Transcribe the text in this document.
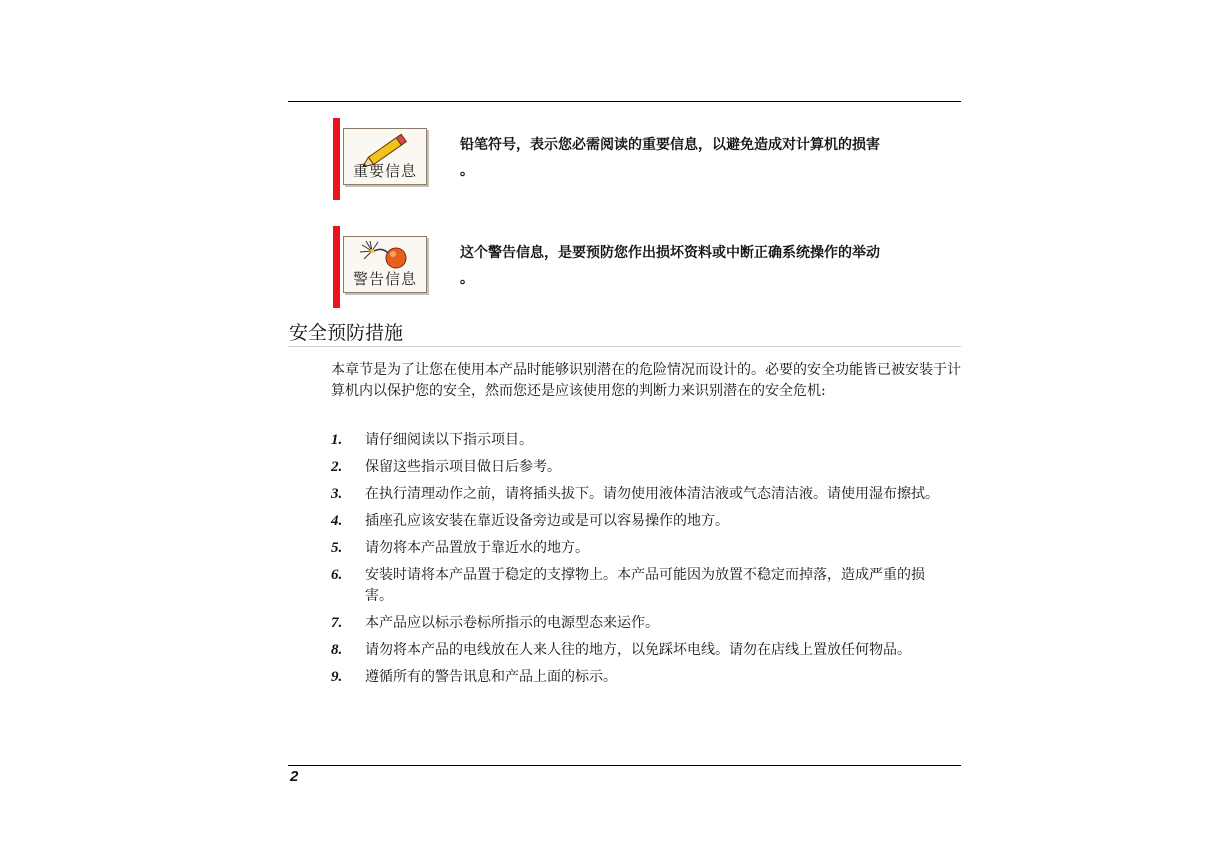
重要信息
铅笔符号，表示您必需阅读的重要信息，以避免造成对计算机的损害
。
警告信息
这个警告信息，是要预防您作出损坏资料或中断正确系统操作的举动
。
安全预防措施

本章节是为了让您在使用本产品时能够识别潜在的危险情况而设计的。必要的安全功能皆已被安装于计算机内以保护您的安全，然而您还是应该使用您的判断力来识别潜在的安全危机:

1.	请仔细阅读以下指示项目。
2.	保留这些指示项目做日后参考。
3.	在执行清理动作之前，请将插头拔下。请勿使用液体清洁液或气态清洁液。请使用湿布擦拭。
4.	插座孔应该安装在靠近设备旁边或是可以容易操作的地方。
5.	请勿将本产品置放于靠近水的地方。
6.	安装时请将本产品置于稳定的支撑物上。本产品可能因为放置不稳定而掉落，造成严重的损害。
7.	本产品应以标示卷标所指示的电源型态来运作。
8.	请勿将本产品的电线放在人来人往的地方，以免踩坏电线。请勿在店线上置放任何物品。
9.	遵循所有的警告讯息和产品上面的标示。
2
